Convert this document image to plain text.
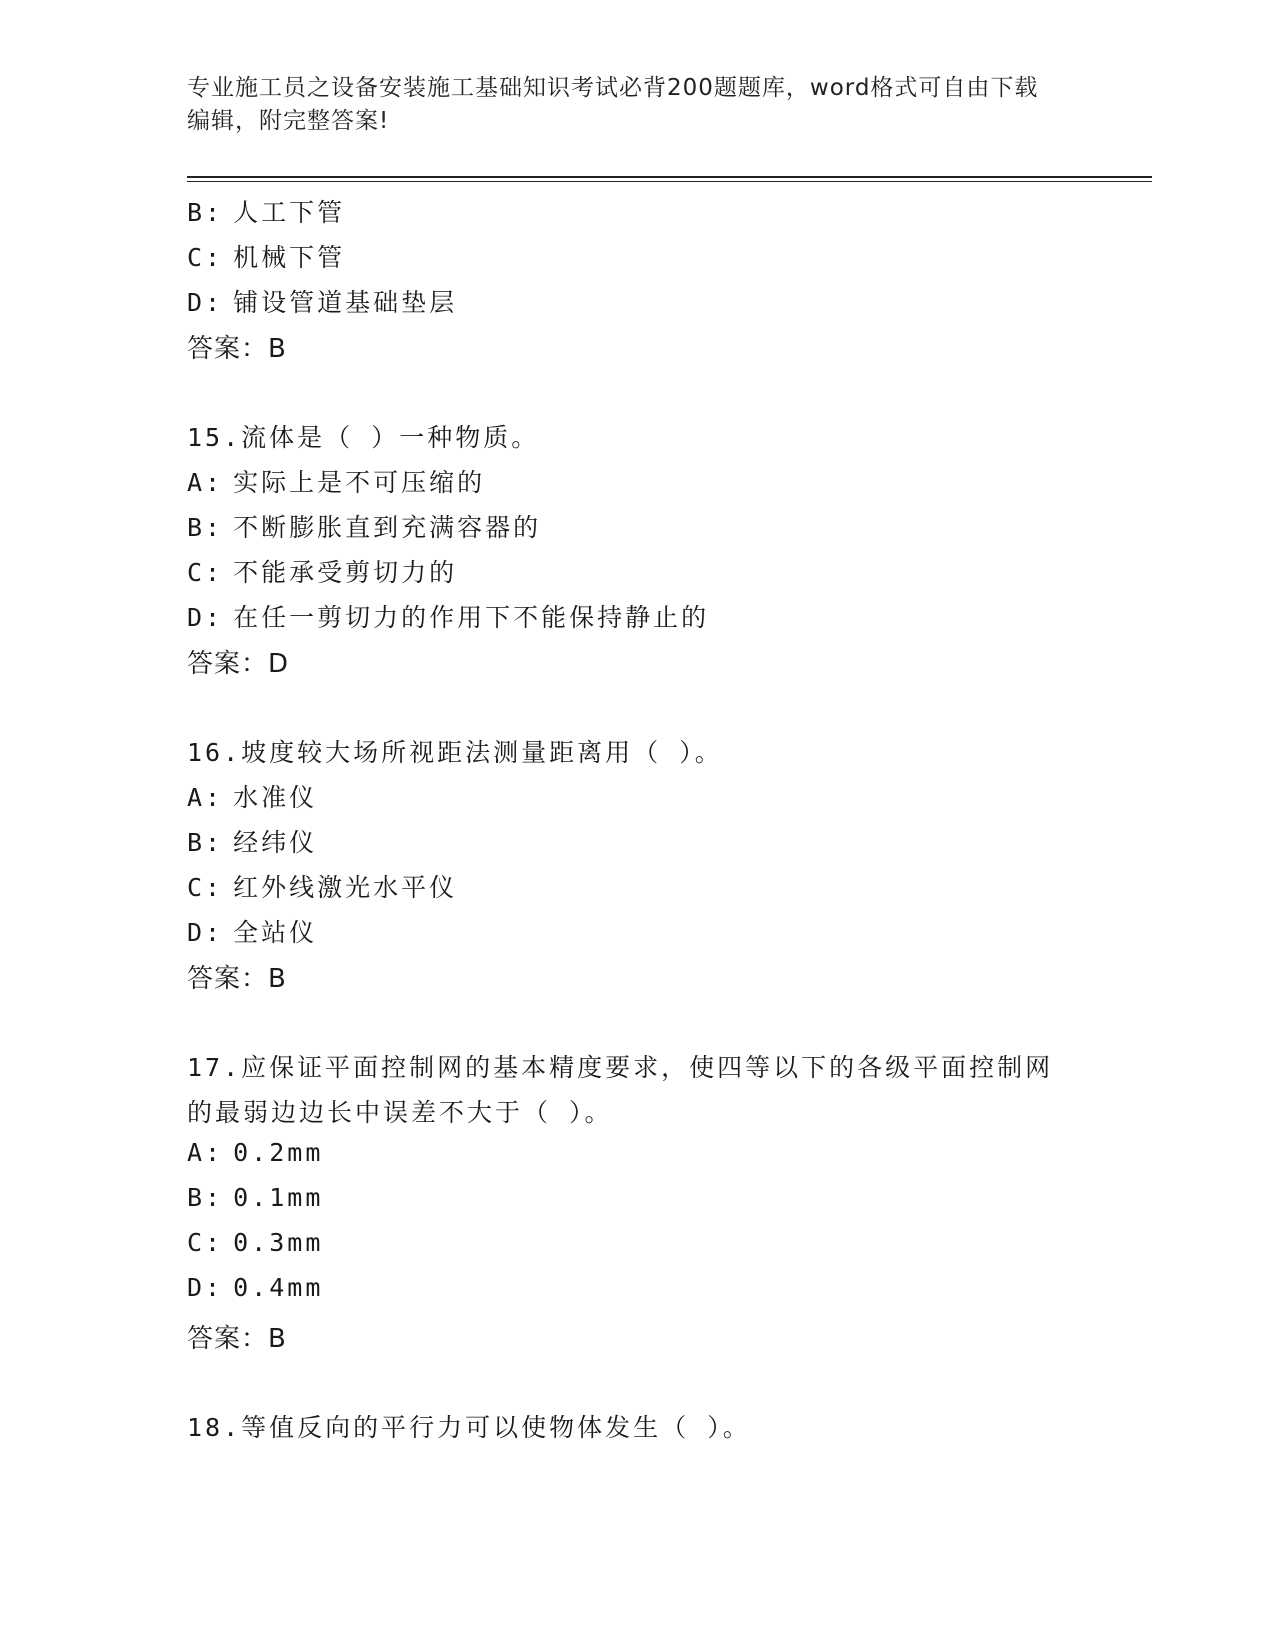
专业施工员之设备安装施工基础知识考试必背200题题库，word格式可自由下载
编辑，附完整答案!
B: 人工下管
C: 机械下管
D: 铺设管道基础垫层
答案：B
15.流体是（ ）一种物质。
A: 实际上是不可压缩的
B: 不断膨胀直到充满容器的
C: 不能承受剪切力的
D: 在任一剪切力的作用下不能保持静止的
答案：D
16.坡度较大场所视距法测量距离用（ ）。
A: 水准仪
B: 经纬仪
C: 红外线激光水平仪
D: 全站仪
答案：B
17.应保证平面控制网的基本精度要求，使四等以下的各级平面控制网
的最弱边边长中误差不大于（ ）。
A: 0.2mm
B: 0.1mm
C: 0.3mm
D: 0.4mm
答案：B
18.等值反向的平行力可以使物体发生（ ）。
